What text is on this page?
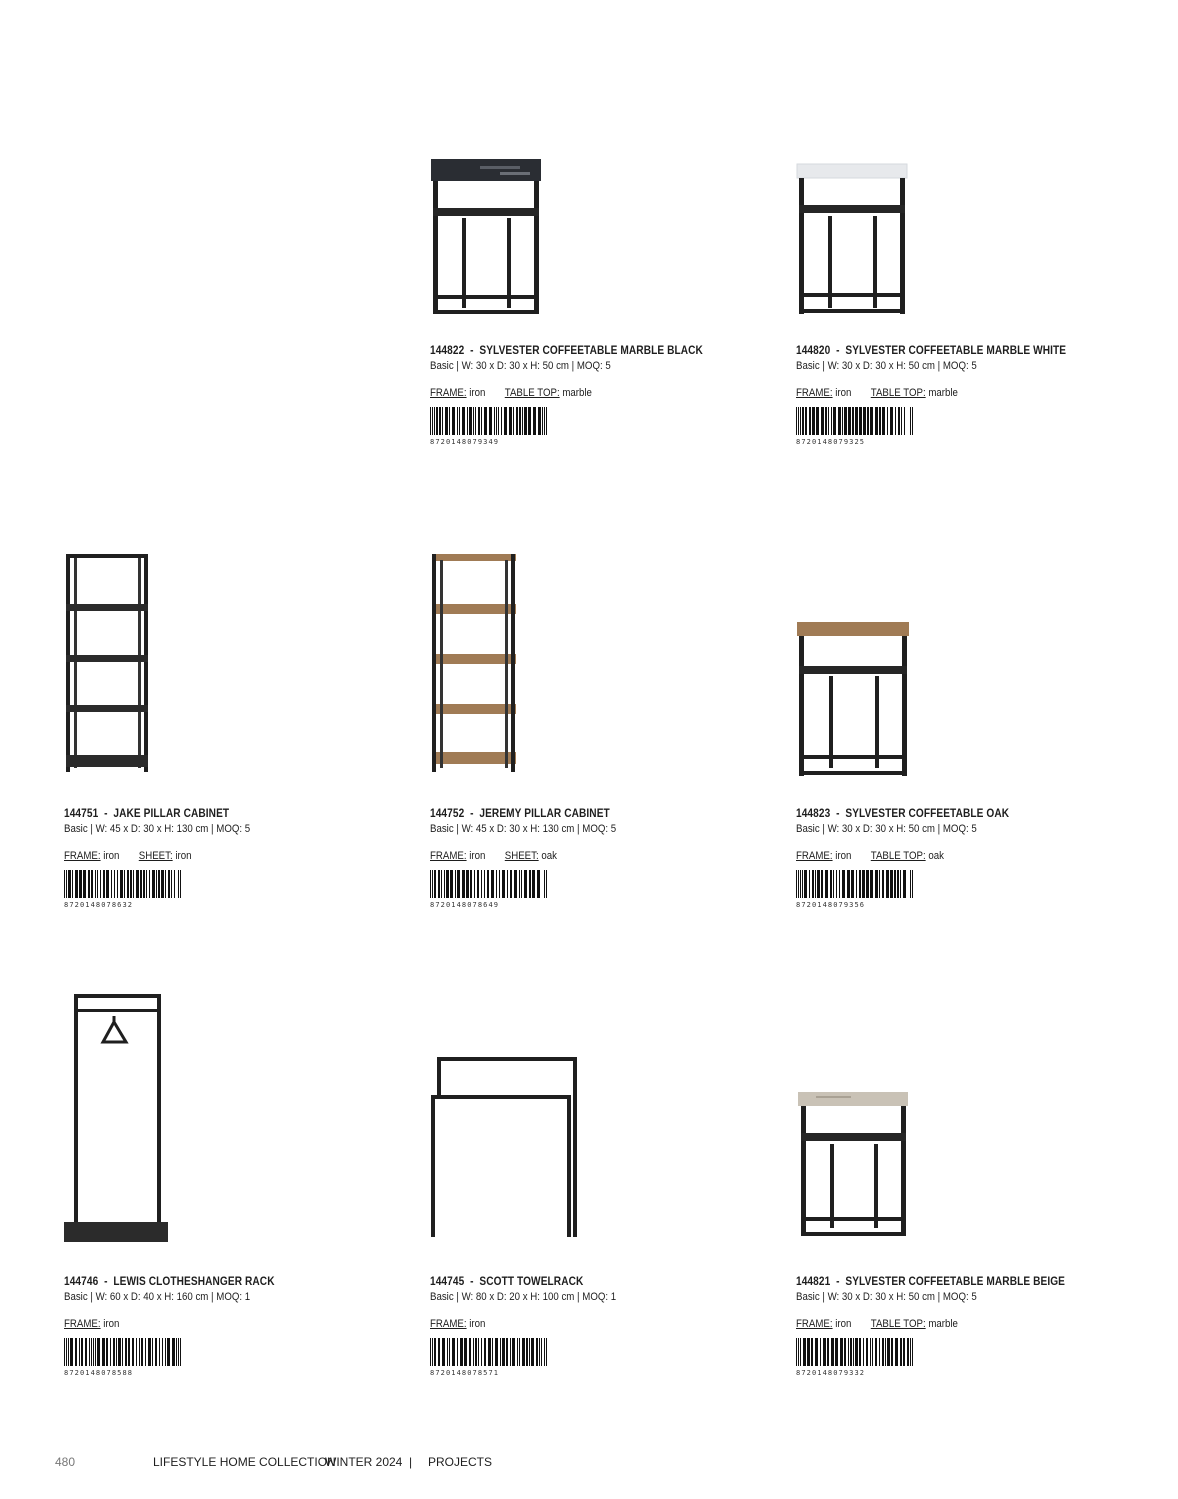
144822  -  SYLVESTER COFFEETABLE MARBLE BLACK
Basic | W: 30 x D: 30 x H: 50 cm | MOQ: 5
FRAME: iron TABLE TOP: marble
8720148079349
144820  -  SYLVESTER COFFEETABLE MARBLE WHITE
Basic | W: 30 x D: 30 x H: 50 cm | MOQ: 5
FRAME: iron TABLE TOP: marble
8720148079325
144751  -  JAKE PILLAR CABINET
Basic | W: 45 x D: 30 x H: 130 cm | MOQ: 5
FRAME: iron SHEET: iron
8720148078632
144752  -  JEREMY PILLAR CABINET
Basic | W: 45 x D: 30 x H: 130 cm | MOQ: 5
FRAME: iron SHEET: oak
8720148078649
144823  -  SYLVESTER COFFEETABLE OAK
Basic | W: 30 x D: 30 x H: 50 cm | MOQ: 5
FRAME: iron TABLE TOP: oak
8720148079356
144746  -  LEWIS CLOTHESHANGER RACK
Basic | W: 60 x D: 40 x H: 160 cm | MOQ: 1
FRAME: iron
8720148078588
144745  -  SCOTT TOWELRACK
Basic | W: 80 x D: 20 x H: 100 cm | MOQ: 1
FRAME: iron
8720148078571
144821  -  SYLVESTER COFFEETABLE MARBLE BEIGE
Basic | W: 30 x D: 30 x H: 50 cm | MOQ: 5
FRAME: iron TABLE TOP: marble
8720148079332
480	LIFESTYLE HOME COLLECTION
WINTER 2024 | PROJECTS
